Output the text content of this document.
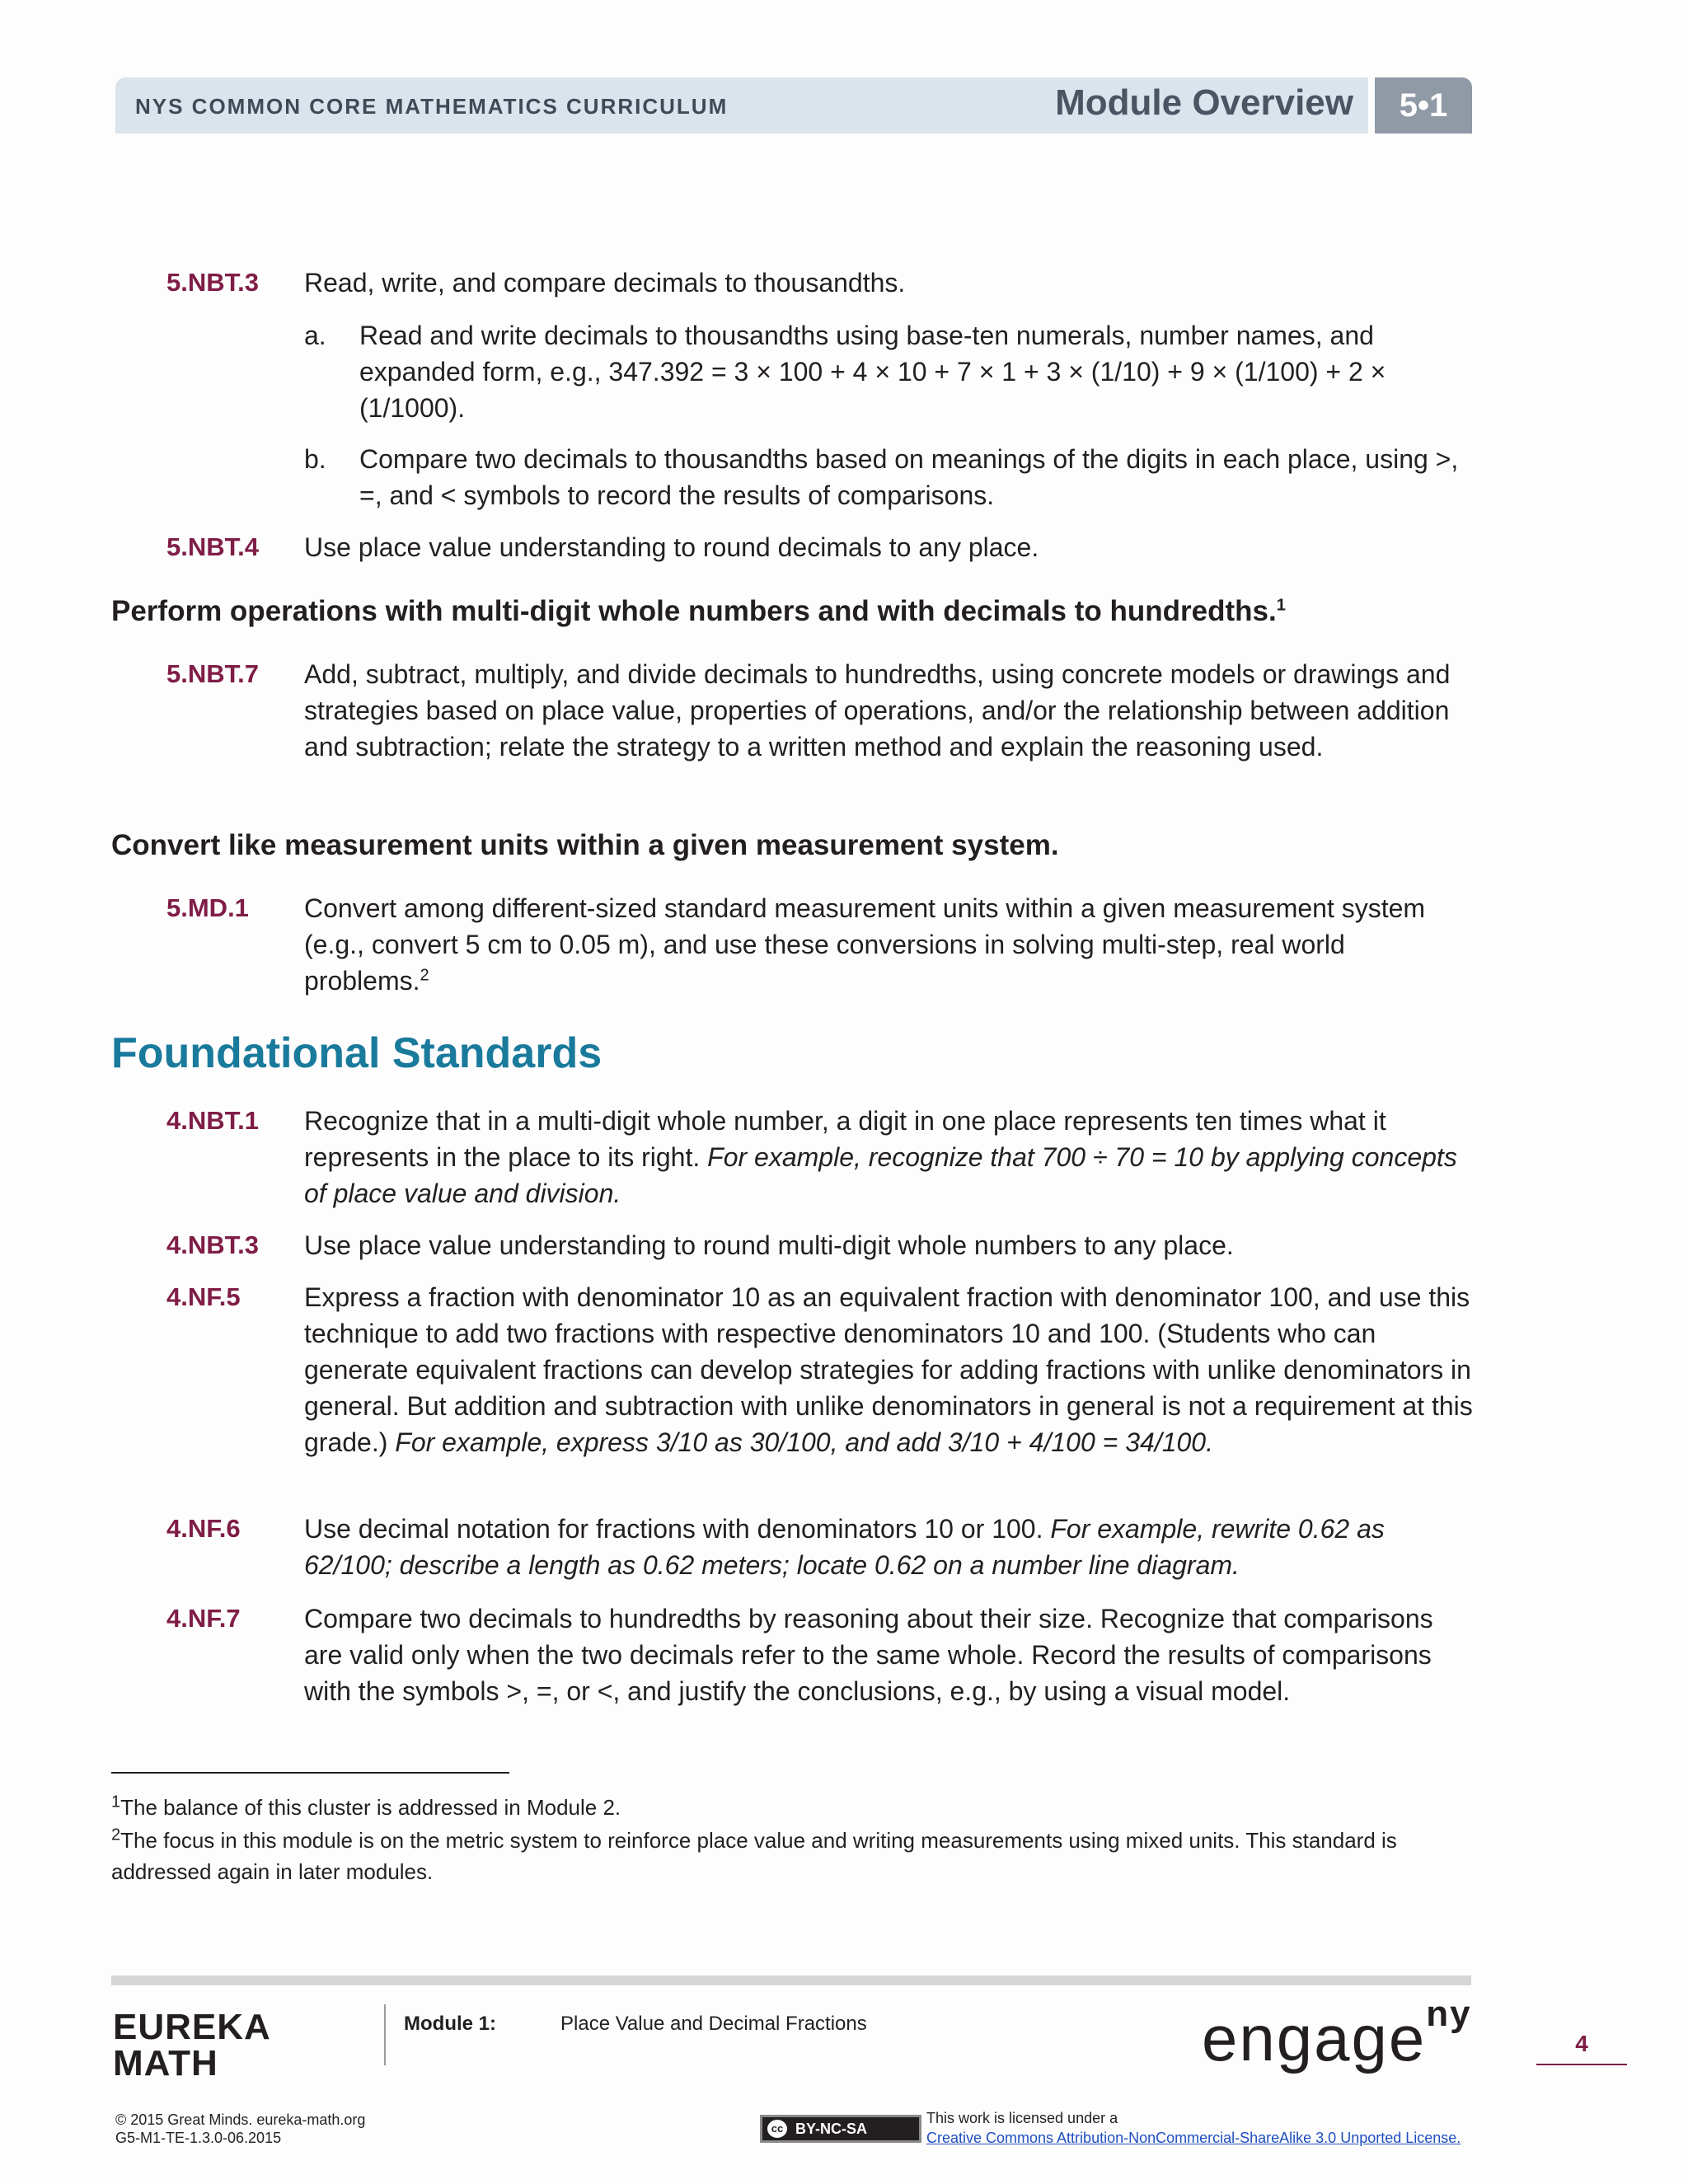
NYS COMMON CORE MATHEMATICS CURRICULUM	Module Overview	5•1
5.NBT.3 Read, write, and compare decimals to thousandths.
a. Read and write decimals to thousandths using base-ten numerals, number names, and expanded form, e.g., 347.392 = 3 × 100 + 4 × 10 + 7 × 1 + 3 × (1/10) + 9 × (1/100) + 2 × (1/1000).
b. Compare two decimals to thousandths based on meanings of the digits in each place, using >, =, and < symbols to record the results of comparisons.
5.NBT.4 Use place value understanding to round decimals to any place.
Perform operations with multi-digit whole numbers and with decimals to hundredths.$^1$
5.NBT.7 Add, subtract, multiply, and divide decimals to hundredths, using concrete models or drawings and strategies based on place value, properties of operations, and/or the relationship between addition and subtraction; relate the strategy to a written method and explain the reasoning used.
Convert like measurement units within a given measurement system.
5.MD.1 Convert among different-sized standard measurement units within a given measurement system (e.g., convert 5 cm to 0.05 m), and use these conversions in solving multi-step, real world problems.$^2$
Foundational Standards
4.NBT.1 Recognize that in a multi-digit whole number, a digit in one place represents ten times what it represents in the place to its right. For example, recognize that 700 ÷ 70 = 10 by applying concepts of place value and division.
4.NBT.3 Use place value understanding to round multi-digit whole numbers to any place.
4.NF.5 Express a fraction with denominator 10 as an equivalent fraction with denominator 100, and use this technique to add two fractions with respective denominators 10 and 100. (Students who can generate equivalent fractions can develop strategies for adding fractions with unlike denominators in general. But addition and subtraction with unlike denominators in general is not a requirement at this grade.) For example, express 3/10 as 30/100, and add 3/10 + 4/100 = 34/100.
4.NF.6 Use decimal notation for fractions with denominators 10 or 100. For example, rewrite 0.62 as 62/100; describe a length as 0.62 meters; locate 0.62 on a number line diagram.
4.NF.7 Compare two decimals to hundredths by reasoning about their size. Recognize that comparisons are valid only when the two decimals refer to the same whole. Record the results of comparisons with the symbols >, =, or <, and justify the conclusions, e.g., by using a visual model.
$^1$The balance of this cluster is addressed in Module 2.
$^2$The focus in this module is on the metric system to reinforce place value and writing measurements using mixed units. This standard is addressed again in later modules.
EUREKA
MATH
Module 1:	Place Value and Decimal Fractions	engage$^{ny}$
4
© 2015 Great Minds. eureka-math.org
G5-M1-TE-1.3.0-06.2015
cc BY-NC-SA
This work is licensed under a
Creative Commons Attribution-NonCommercial-ShareAlike 3.0 Unported License.
